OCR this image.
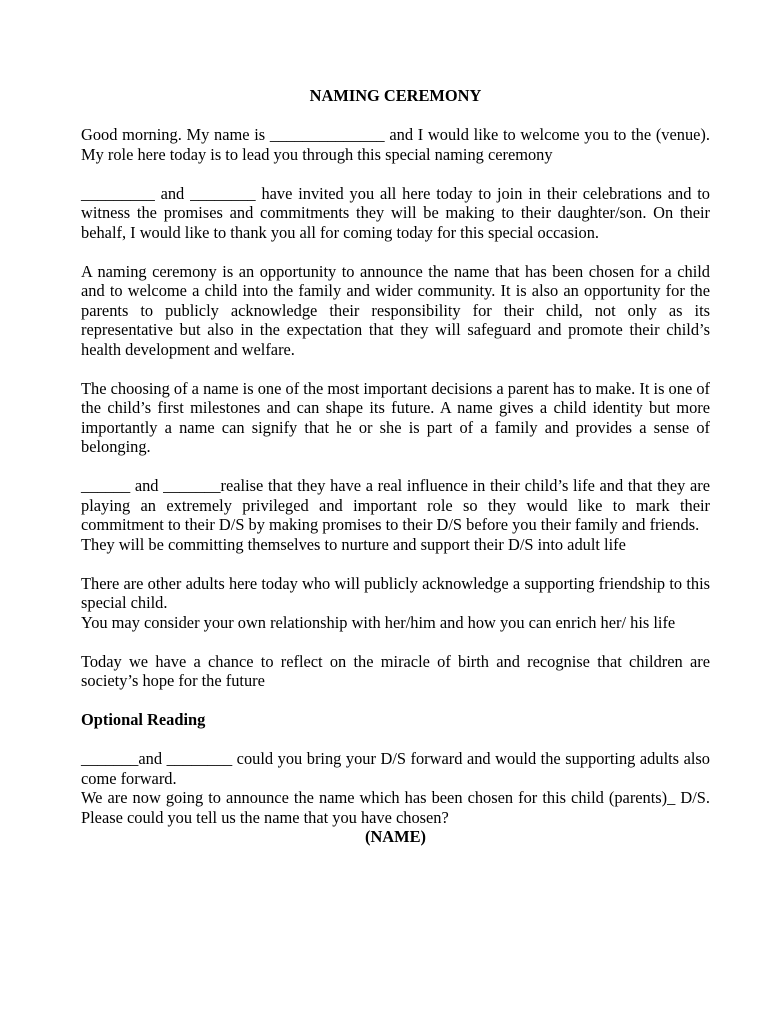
NAMING CEREMONY
Good morning. My name is ______________ and I would like to welcome you to the (venue). My role here today is to lead you through this special naming ceremony
_________ and ________ have invited you all here today to join in their celebrations and to witness the promises and commitments they will be making to their daughter/son. On their behalf, I would like to thank you all for coming today for this special occasion.
A naming ceremony is an opportunity to announce the name that has been chosen for a child and to welcome a child into the family and wider community. It is also an opportunity for the parents to publicly acknowledge their responsibility for their child, not only as its representative but also in the expectation that they will safeguard and promote their child’s health development and welfare.
The choosing of a name is one of the most important decisions a parent has to make. It is one of the child’s first milestones and can shape its future. A name gives a child identity but more importantly a name can signify that he or she is part of a family and provides a sense of belonging.
______ and _______realise that they have a real influence in their child’s life and that they are playing an extremely privileged and important role so they would like to mark their commitment to their D/S by making promises to their D/S before you their family and friends.
They will be committing themselves to nurture and support their D/S into adult life
There are other adults here today who will publicly acknowledge a supporting friendship to this special child.
You may consider your own relationship with her/him and how you can enrich her/ his life
Today we have a chance to reflect on the miracle of birth and recognise that children are society’s hope for the future
Optional Reading
_______and ________ could you bring your D/S forward and would the supporting adults also come forward.
We are now going to announce the name which has been chosen for this child (parents)_ D/S. Please could you tell us the name that you have chosen?
(NAME)
